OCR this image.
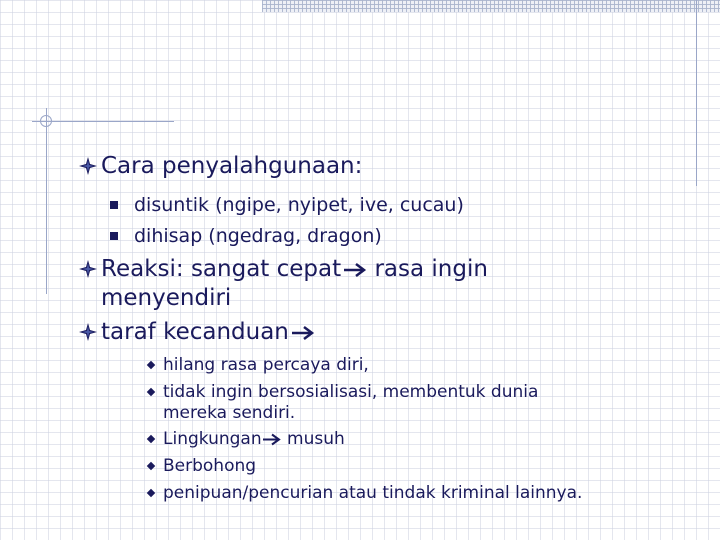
Cara penyalahgunaan:
disuntik (ngipe, nyipet, ive, cucau)
dihisap (ngedrag, dragon)
Reaksi: sangat cepat rasa ingin
menyendiri
taraf kecanduan
hilang rasa percaya diri,
tidak ingin bersosialisasi, membentuk dunia
mereka sendiri.
Lingkungan musuh
Berbohong
penipuan/pencurian atau tindak kriminal lainnya.
